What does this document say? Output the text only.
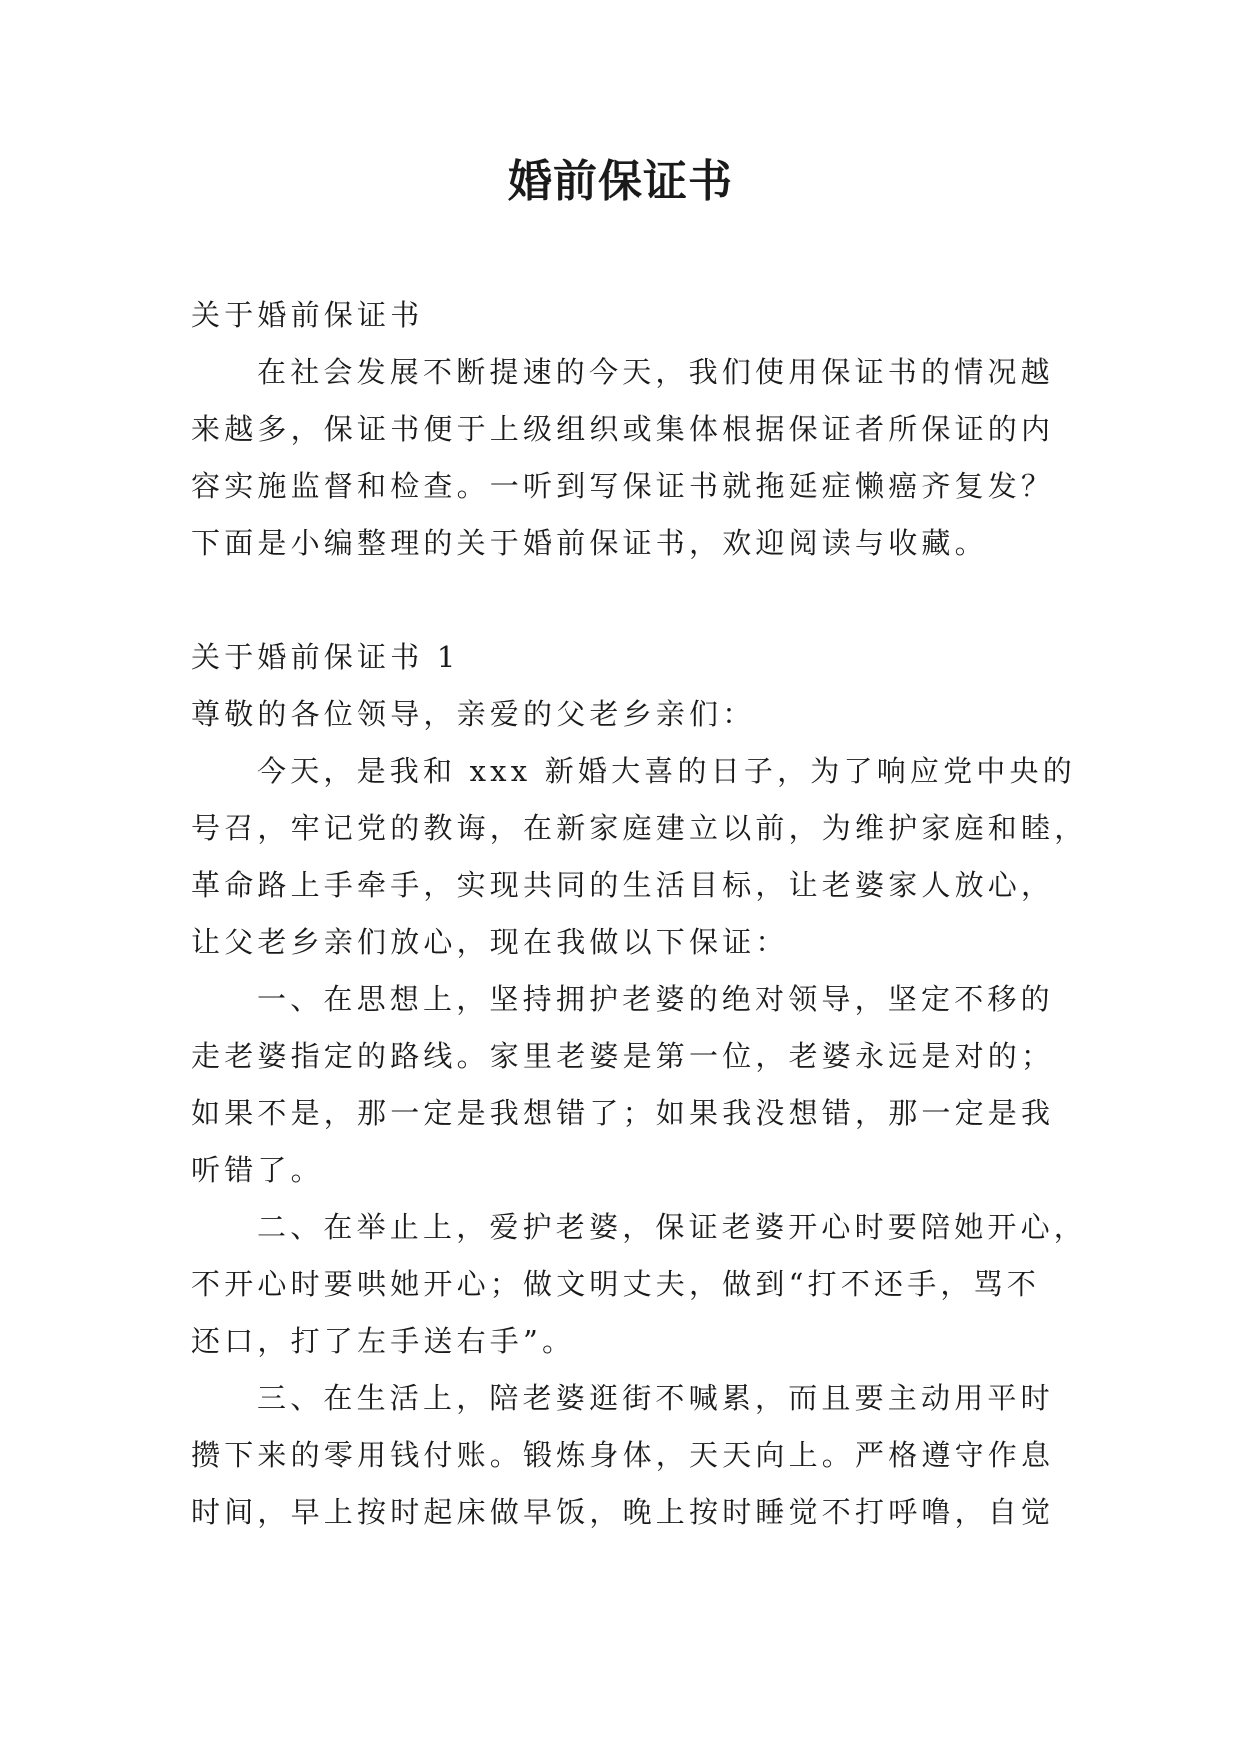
婚前保证书
关于婚前保证书
在社会发展不断提速的今天，我们使用保证书的情况越
来越多，保证书便于上级组织或集体根据保证者所保证的内
容实施监督和检查。一听到写保证书就拖延症懒癌齐复发？
下面是小编整理的关于婚前保证书，欢迎阅读与收藏。
关于婚前保证书 1
尊敬的各位领导，亲爱的父老乡亲们：
今天，是我和 xxx 新婚大喜的日子，为了响应党中央的
号召，牢记党的教诲，在新家庭建立以前，为维护家庭和睦，
革命路上手牵手，实现共同的生活目标，让老婆家人放心，
让父老乡亲们放心，现在我做以下保证：
一、在思想上，坚持拥护老婆的绝对领导，坚定不移的
走老婆指定的路线。家里老婆是第一位，老婆永远是对的；
如果不是，那一定是我想错了；如果我没想错，那一定是我
听错了。
二、在举止上，爱护老婆，保证老婆开心时要陪她开心，
不开心时要哄她开心；做文明丈夫，做到“打不还手，骂不
还口，打了左手送右手”。
三、在生活上，陪老婆逛街不喊累，而且要主动用平时
攒下来的零用钱付账。锻炼身体，天天向上。严格遵守作息
时间，早上按时起床做早饭，晚上按时睡觉不打呼噜，自觉
